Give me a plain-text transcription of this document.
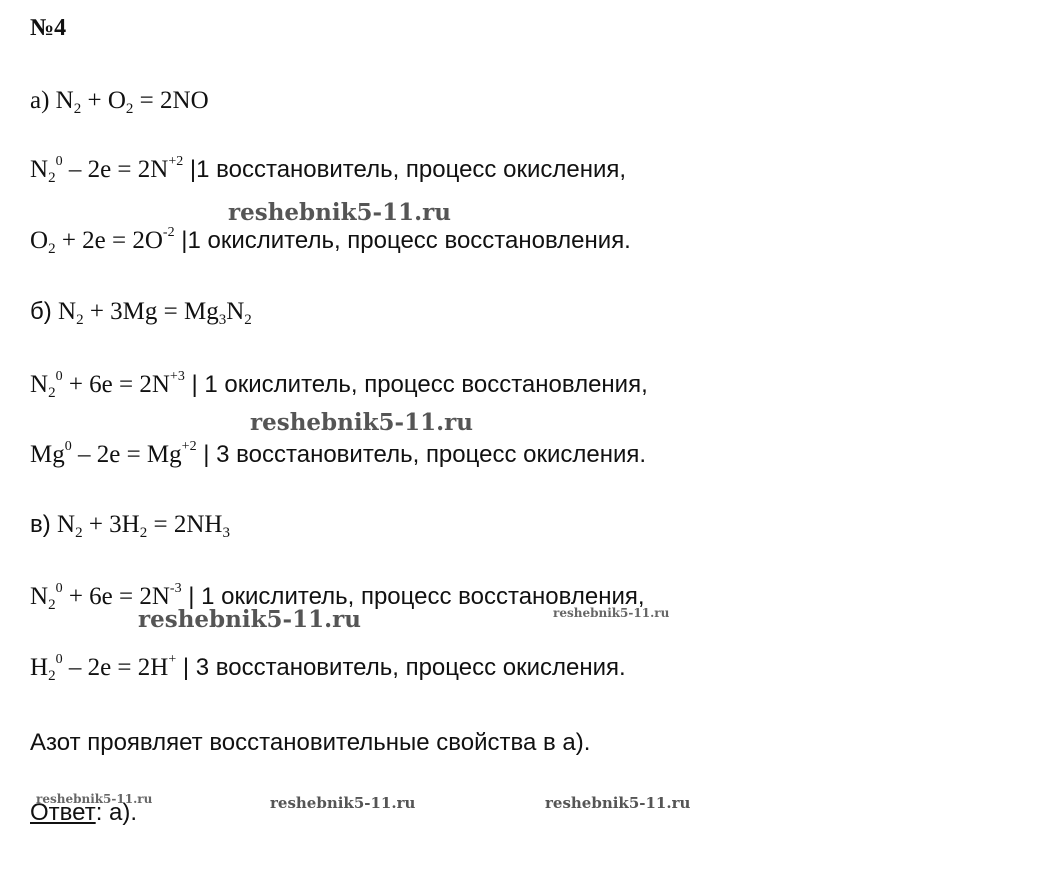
№4
а) $N_2 + O_2 = 2NO$
$N_2^0 - 2e = 2N^{+2}$ |1 восстановитель, процесс окисления,
$O_2 + 2e = 2O^{-2}$ |1 окислитель, процесс восстановления.
б) $N_2 + 3Mg = Mg_3N_2$
$N_2^0 + 6e = 2N^{+3}$ | 1 окислитель, процесс восстановления,
$Mg^0 - 2e = Mg^{+2}$ | 3 восстановитель, процесс окисления.
в) $N_2 + 3H_2 = 2NH_3$
$N_2^0 + 6e = 2N^{-3}$ | 1 окислитель, процесс восстановления,
$H_2^0 - 2e = 2H^+$ | 3 восстановитель, процесс окисления.
Азот проявляет восстановительные свойства в а).
Ответ: а).
reshebnik5-11.ru
reshebnik5-11.ru
reshebnik5-11.ru	reshebnik5-11.ru
reshebnik5-11.ru	reshebnik5-11.ru	reshebnik5-11.ru
